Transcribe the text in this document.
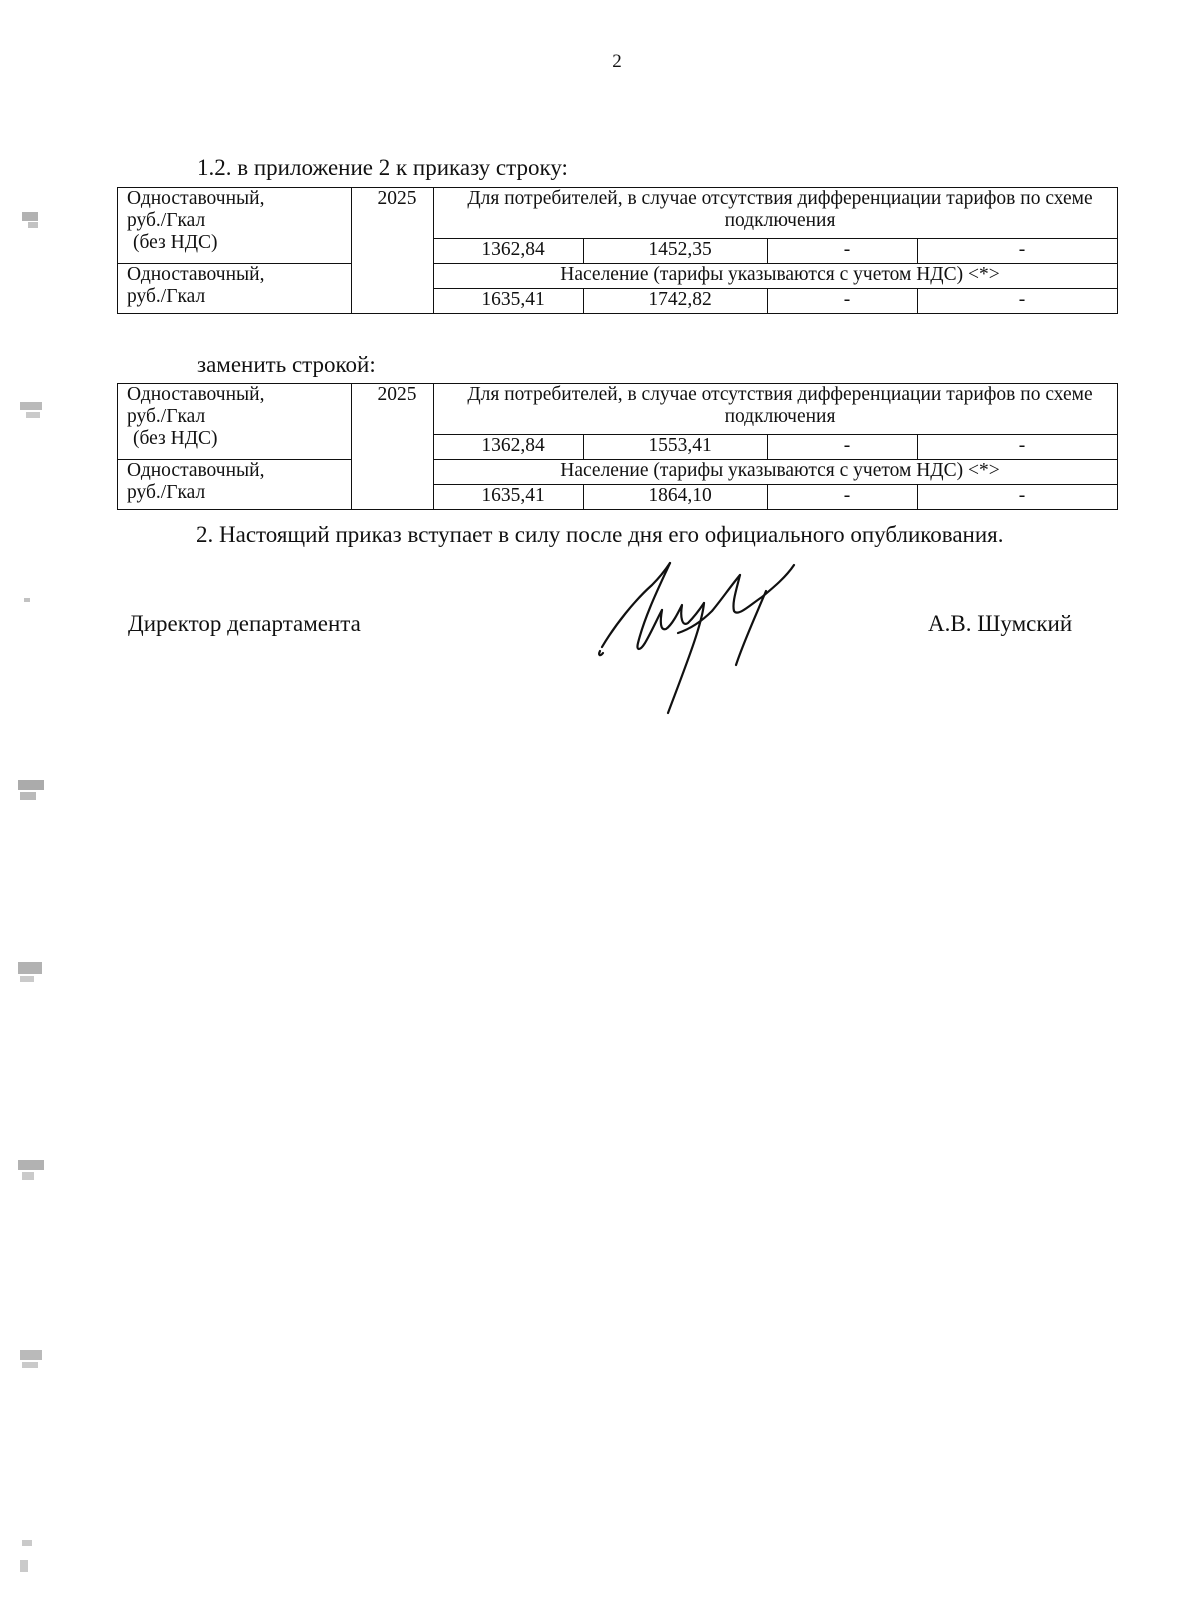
2
1.2. в приложение 2 к приказу строку:
Одноставочный,
руб./Гкал
(без НДС)	2025	Для потребителей, в случае отсутствия дифференциации тарифов по схеме подключения			
		1362,84	1452,35	-	-

Одноставочный,
руб./Гкал		Население (тарифы указываются с учетом НДС) <*>			
		1635,41	1742,82	-	-
заменить строкой:
Одноставочный,
руб./Гкал
(без НДС)	2025	Для потребителей, в случае отсутствия дифференциации тарифов по схеме подключения			
		1362,84	1553,41	-	-

Одноставочный,
руб./Гкал		Население (тарифы указываются с учетом НДС) <*>			
		1635,41	1864,10	-	-
2. Настоящий приказ вступает в силу после дня его официального опубликования.
Директор департамента	А.В. Шумский
